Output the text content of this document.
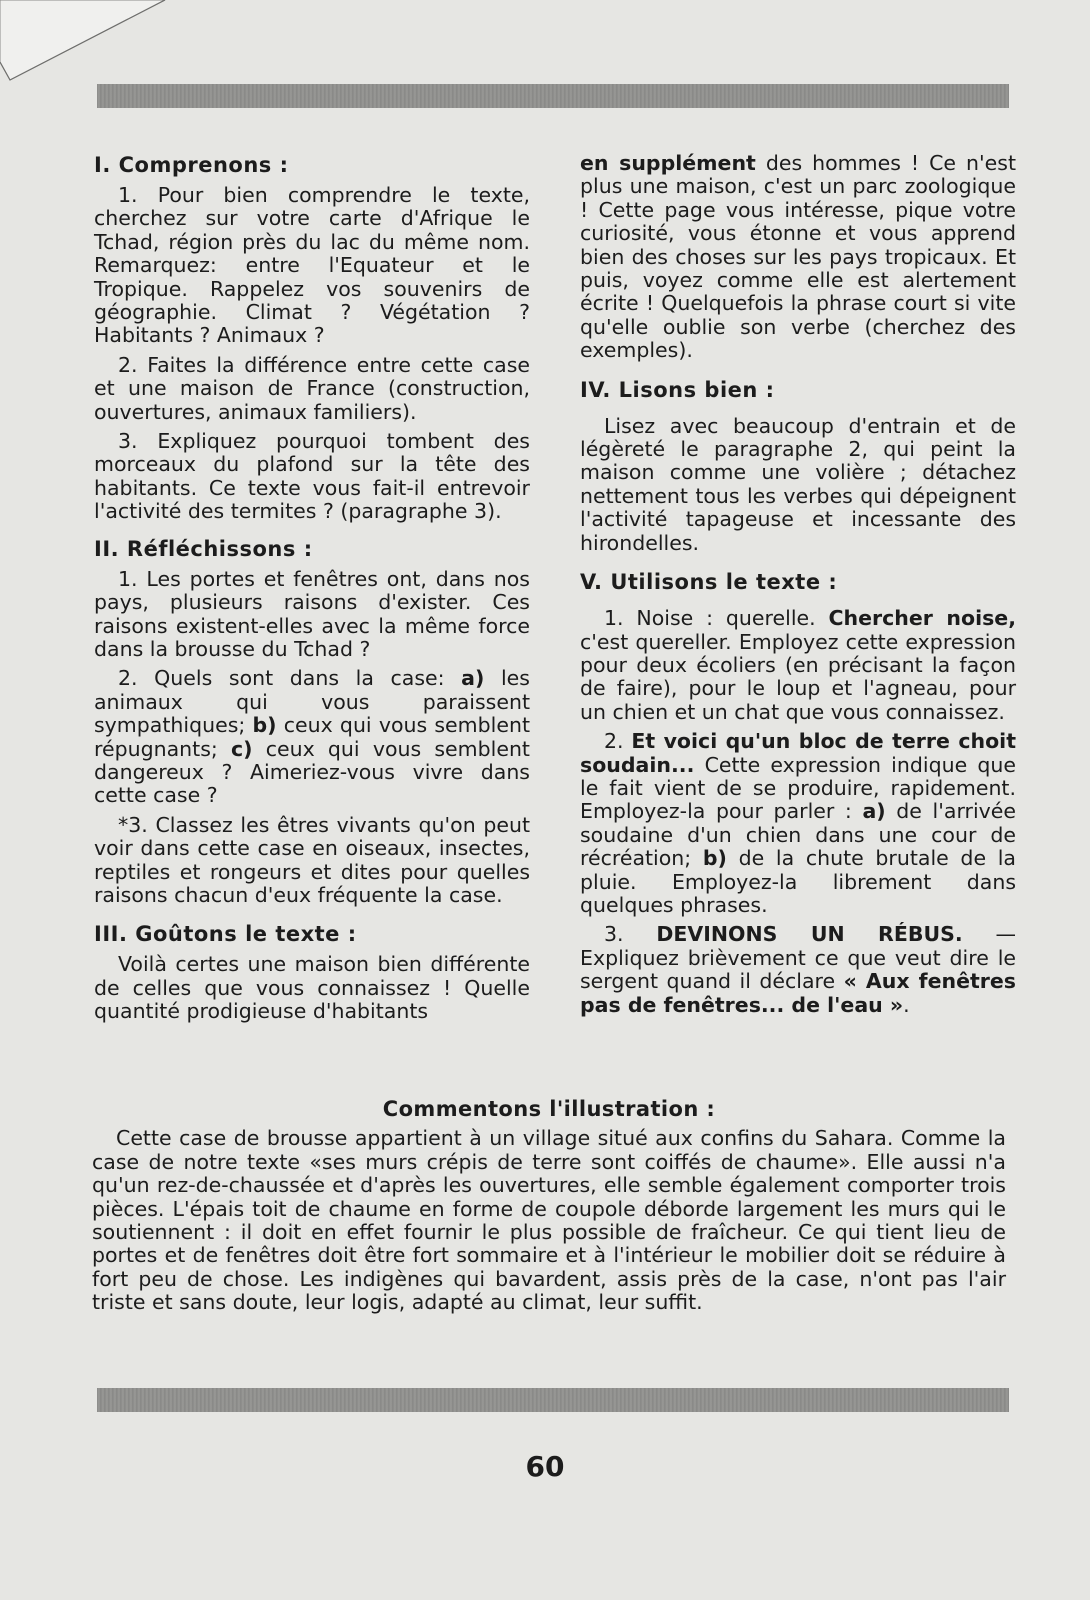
I. Comprenons :

1. Pour bien comprendre le texte, cherchez sur votre carte d'Afrique le Tchad, région près du lac du même nom. Remarquez: entre l'Equateur et le Tropique. Rappelez vos souvenirs de géographie. Climat ? Végétation ? Habitants ? Animaux ?

2. Faites la différence entre cette case et une maison de France (construction, ouvertures, animaux familiers).

3. Expliquez pourquoi tombent des morceaux du plafond sur la tête des habitants. Ce texte vous fait-il entrevoir l'activité des termites ? (paragraphe 3).

II. Réfléchissons :

1. Les portes et fenêtres ont, dans nos pays, plusieurs raisons d'exister. Ces raisons existent-elles avec la même force dans la brousse du Tchad ?

2. Quels sont dans la case: a) les animaux qui vous paraissent sympathiques; b) ceux qui vous semblent répugnants; c) ceux qui vous semblent dangereux ? Aimeriez-vous vivre dans cette case ?

*3. Classez les êtres vivants qu'on peut voir dans cette case en oiseaux, insectes, reptiles et rongeurs et dites pour quelles raisons chacun d'eux fréquente la case.

III. Goûtons le texte :

Voilà certes une maison bien différente de celles que vous connaissez ! Quelle quantité prodigieuse d'habitants

en supplément des hommes ! Ce n'est plus une maison, c'est un parc zoologique ! Cette page vous intéresse, pique votre curiosité, vous étonne et vous apprend bien des choses sur les pays tropicaux. Et puis, voyez comme elle est alertement écrite ! Quelquefois la phrase court si vite qu'elle oublie son verbe (cherchez des exemples).

IV. Lisons bien :

Lisez avec beaucoup d'entrain et de légèreté le paragraphe 2, qui peint la maison comme une volière ; détachez nettement tous les verbes qui dépeignent l'activité tapageuse et incessante des hirondelles.

V. Utilisons le texte :

1. Noise : querelle. Chercher noise, c'est quereller. Employez cette expression pour deux écoliers (en précisant la façon de faire), pour le loup et l'agneau, pour un chien et un chat que vous connaissez.

2. Et voici qu'un bloc de terre choit soudain... Cette expression indique que le fait vient de se produire, rapidement. Employez-la pour parler : a) de l'arrivée soudaine d'un chien dans une cour de récréation; b) de la chute brutale de la pluie. Employez-la librement dans quelques phrases.

3. DEVINONS UN RÉBUS. — Expliquez brièvement ce que veut dire le sergent quand il déclare « Aux fenêtres pas de fenêtres... de l'eau ».

Commentons l'illustration :

Cette case de brousse appartient à un village situé aux confins du Sahara. Comme la case de notre texte «ses murs crépis de terre sont coiffés de chaume». Elle aussi n'a qu'un rez-de-chaussée et d'après les ouvertures, elle semble également comporter trois pièces. L'épais toit de chaume en forme de coupole déborde largement les murs qui le soutiennent : il doit en effet fournir le plus possible de fraîcheur. Ce qui tient lieu de portes et de fenêtres doit être fort sommaire et à l'intérieur le mobilier doit se réduire à fort peu de chose. Les indigènes qui bavardent, assis près de la case, n'ont pas l'air triste et sans doute, leur logis, adapté au climat, leur suffit.

60
